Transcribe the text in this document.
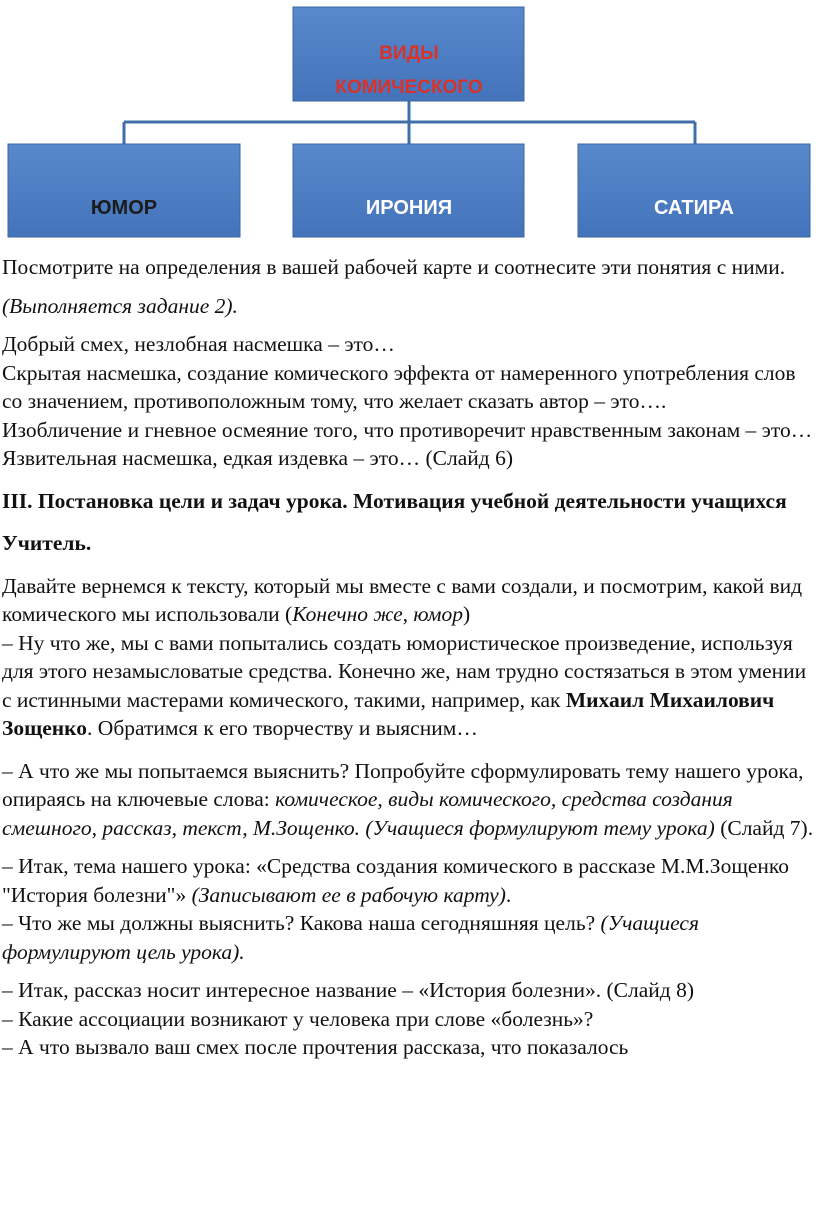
ВИДЫ
КОМИЧЕСКОГО
ЮМОР	ИРОНИЯ	САТИРА

Посмотрите на определения в вашей рабочей карте и соотнесите эти понятия с ними.

(Выполняется задание 2).

Добрый смех, незлобная насмешка – это…

Скрытая насмешка, создание комического эффекта от намеренного употребления слов со значением, противоположным тому, что желает сказать автор – это….

Изобличение и гневное осмеяние того, что противоречит нравственным законам – это…

Язвительная насмешка, едкая издевка – это… (Слайд 6)

III. Постановка цели и задач урока. Мотивация учебной деятельности учащихся

Учитель.

Давайте вернемся к тексту, который мы вместе с вами создали, и посмотрим, какой вид комического мы использовали (Конечно же, юмор)

– Ну что же, мы с вами попытались создать юмористическое произведение, используя для этого незамысловатые средства. Конечно же, нам трудно состязаться в этом умении с истинными мастерами комического, такими, например, как Михаил Михаилович Зощенко. Обратимся к его творчеству и выясним…

– А что же мы попытаемся выяснить? Попробуйте сформулировать тему нашего урока, опираясь на ключевые слова: комическое, виды комического, средства создания смешного, рассказ, текст, М.Зощенко. (Учащиеся формулируют тему урока) (Слайд 7).

– Итак, тема нашего урока: «Средства создания комического в рассказе М.М.Зощенко "История болезни"» (Записывают ее в рабочую карту).

– Что же мы должны выяснить? Какова наша сегодняшняя цель? (Учащиеся формулируют цель урока).

– Итак, рассказ носит интересное название – «История болезни». (Слайд 8)

– Какие ассоциации возникают у человека при слове «болезнь»?

– А что вызвало ваш смех после прочтения рассказа, что показалось
